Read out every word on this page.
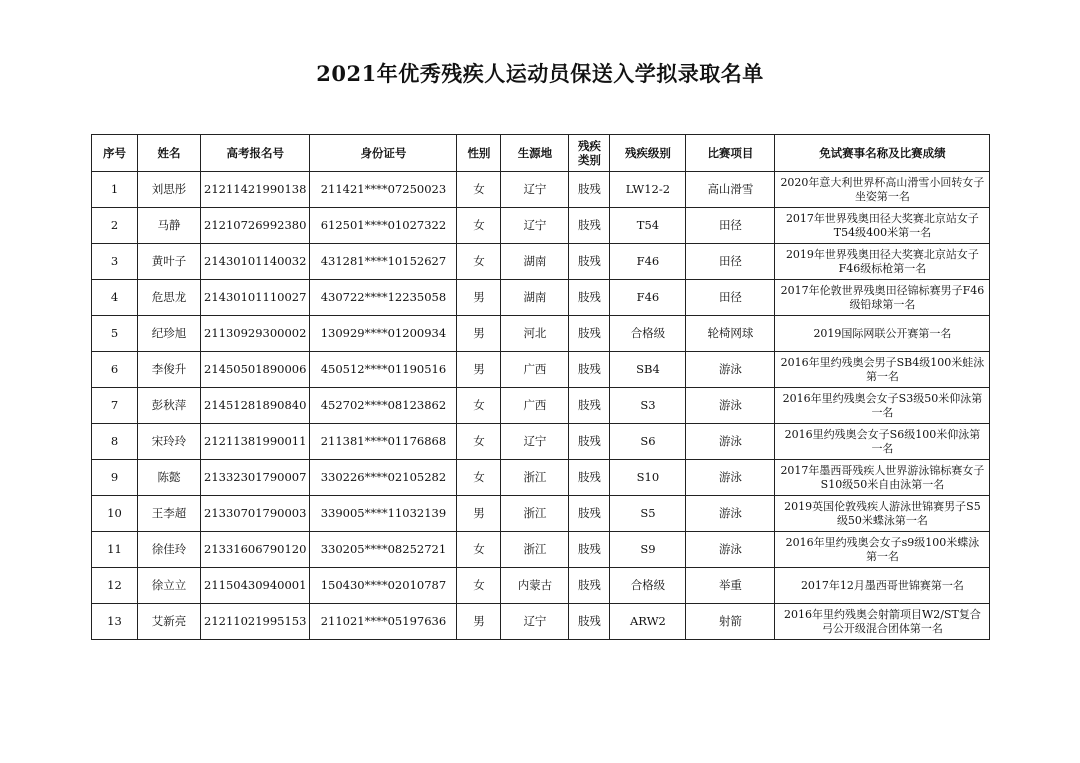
2021年优秀残疾人运动员保送入学拟录取名单
序号	姓名	高考报名号	身份证号	性别	生源地	残疾类别	残疾级别	比赛项目	免试赛事名称及比赛成绩
1	刘思彤	21211421990138	211421****07250023	女	辽宁	肢残	LW12-2	高山滑雪	2020年意大利世界杯高山滑雪小回转女子坐姿第一名
2	马静	21210726992380	612501****01027322	女	辽宁	肢残	T54	田径	2017年世界残奥田径大奖赛北京站女子T54级400米第一名
3	黄叶子	21430101140032	431281****10152627	女	湖南	肢残	F46	田径	2019年世界残奥田径大奖赛北京站女子F46级标枪第一名
4	危思龙	21430101110027	430722****12235058	男	湖南	肢残	F46	田径	2017年伦敦世界残奥田径锦标赛男子F46级铅球第一名
5	纪珍旭	21130929300002	130929****01200934	男	河北	肢残	合格级	轮椅网球	2019国际网联公开赛第一名
6	李俊升	21450501890006	450512****01190516	男	广西	肢残	SB4	游泳	2016年里约残奥会男子SB4级100米蛙泳第一名
7	彭秋萍	21451281890840	452702****08123862	女	广西	肢残	S3	游泳	2016年里约残奥会女子S3级50米仰泳第一名
8	宋玲玲	21211381990011	211381****01176868	女	辽宁	肢残	S6	游泳	2016里约残奥会女子S6级100米仰泳第一名
9	陈懿	21332301790007	330226****02105282	女	浙江	肢残	S10	游泳	2017年墨西哥残疾人世界游泳锦标赛女子S10级50米自由泳第一名
10	王李超	21330701790003	339005****11032139	男	浙江	肢残	S5	游泳	2019英国伦敦残疾人游泳世锦赛男子S5级50米蝶泳第一名
11	徐佳玲	21331606790120	330205****08252721	女	浙江	肢残	S9	游泳	2016年里约残奥会女子s9级100米蝶泳第一名
12	徐立立	21150430940001	150430****02010787	女	内蒙古	肢残	合格级	举重	2017年12月墨西哥世锦赛第一名
13	艾新亮	21211021995153	211021****05197636	男	辽宁	肢残	ARW2	射箭	2016年里约残奥会射箭项目W2/ST复合弓公开级混合团体第一名
